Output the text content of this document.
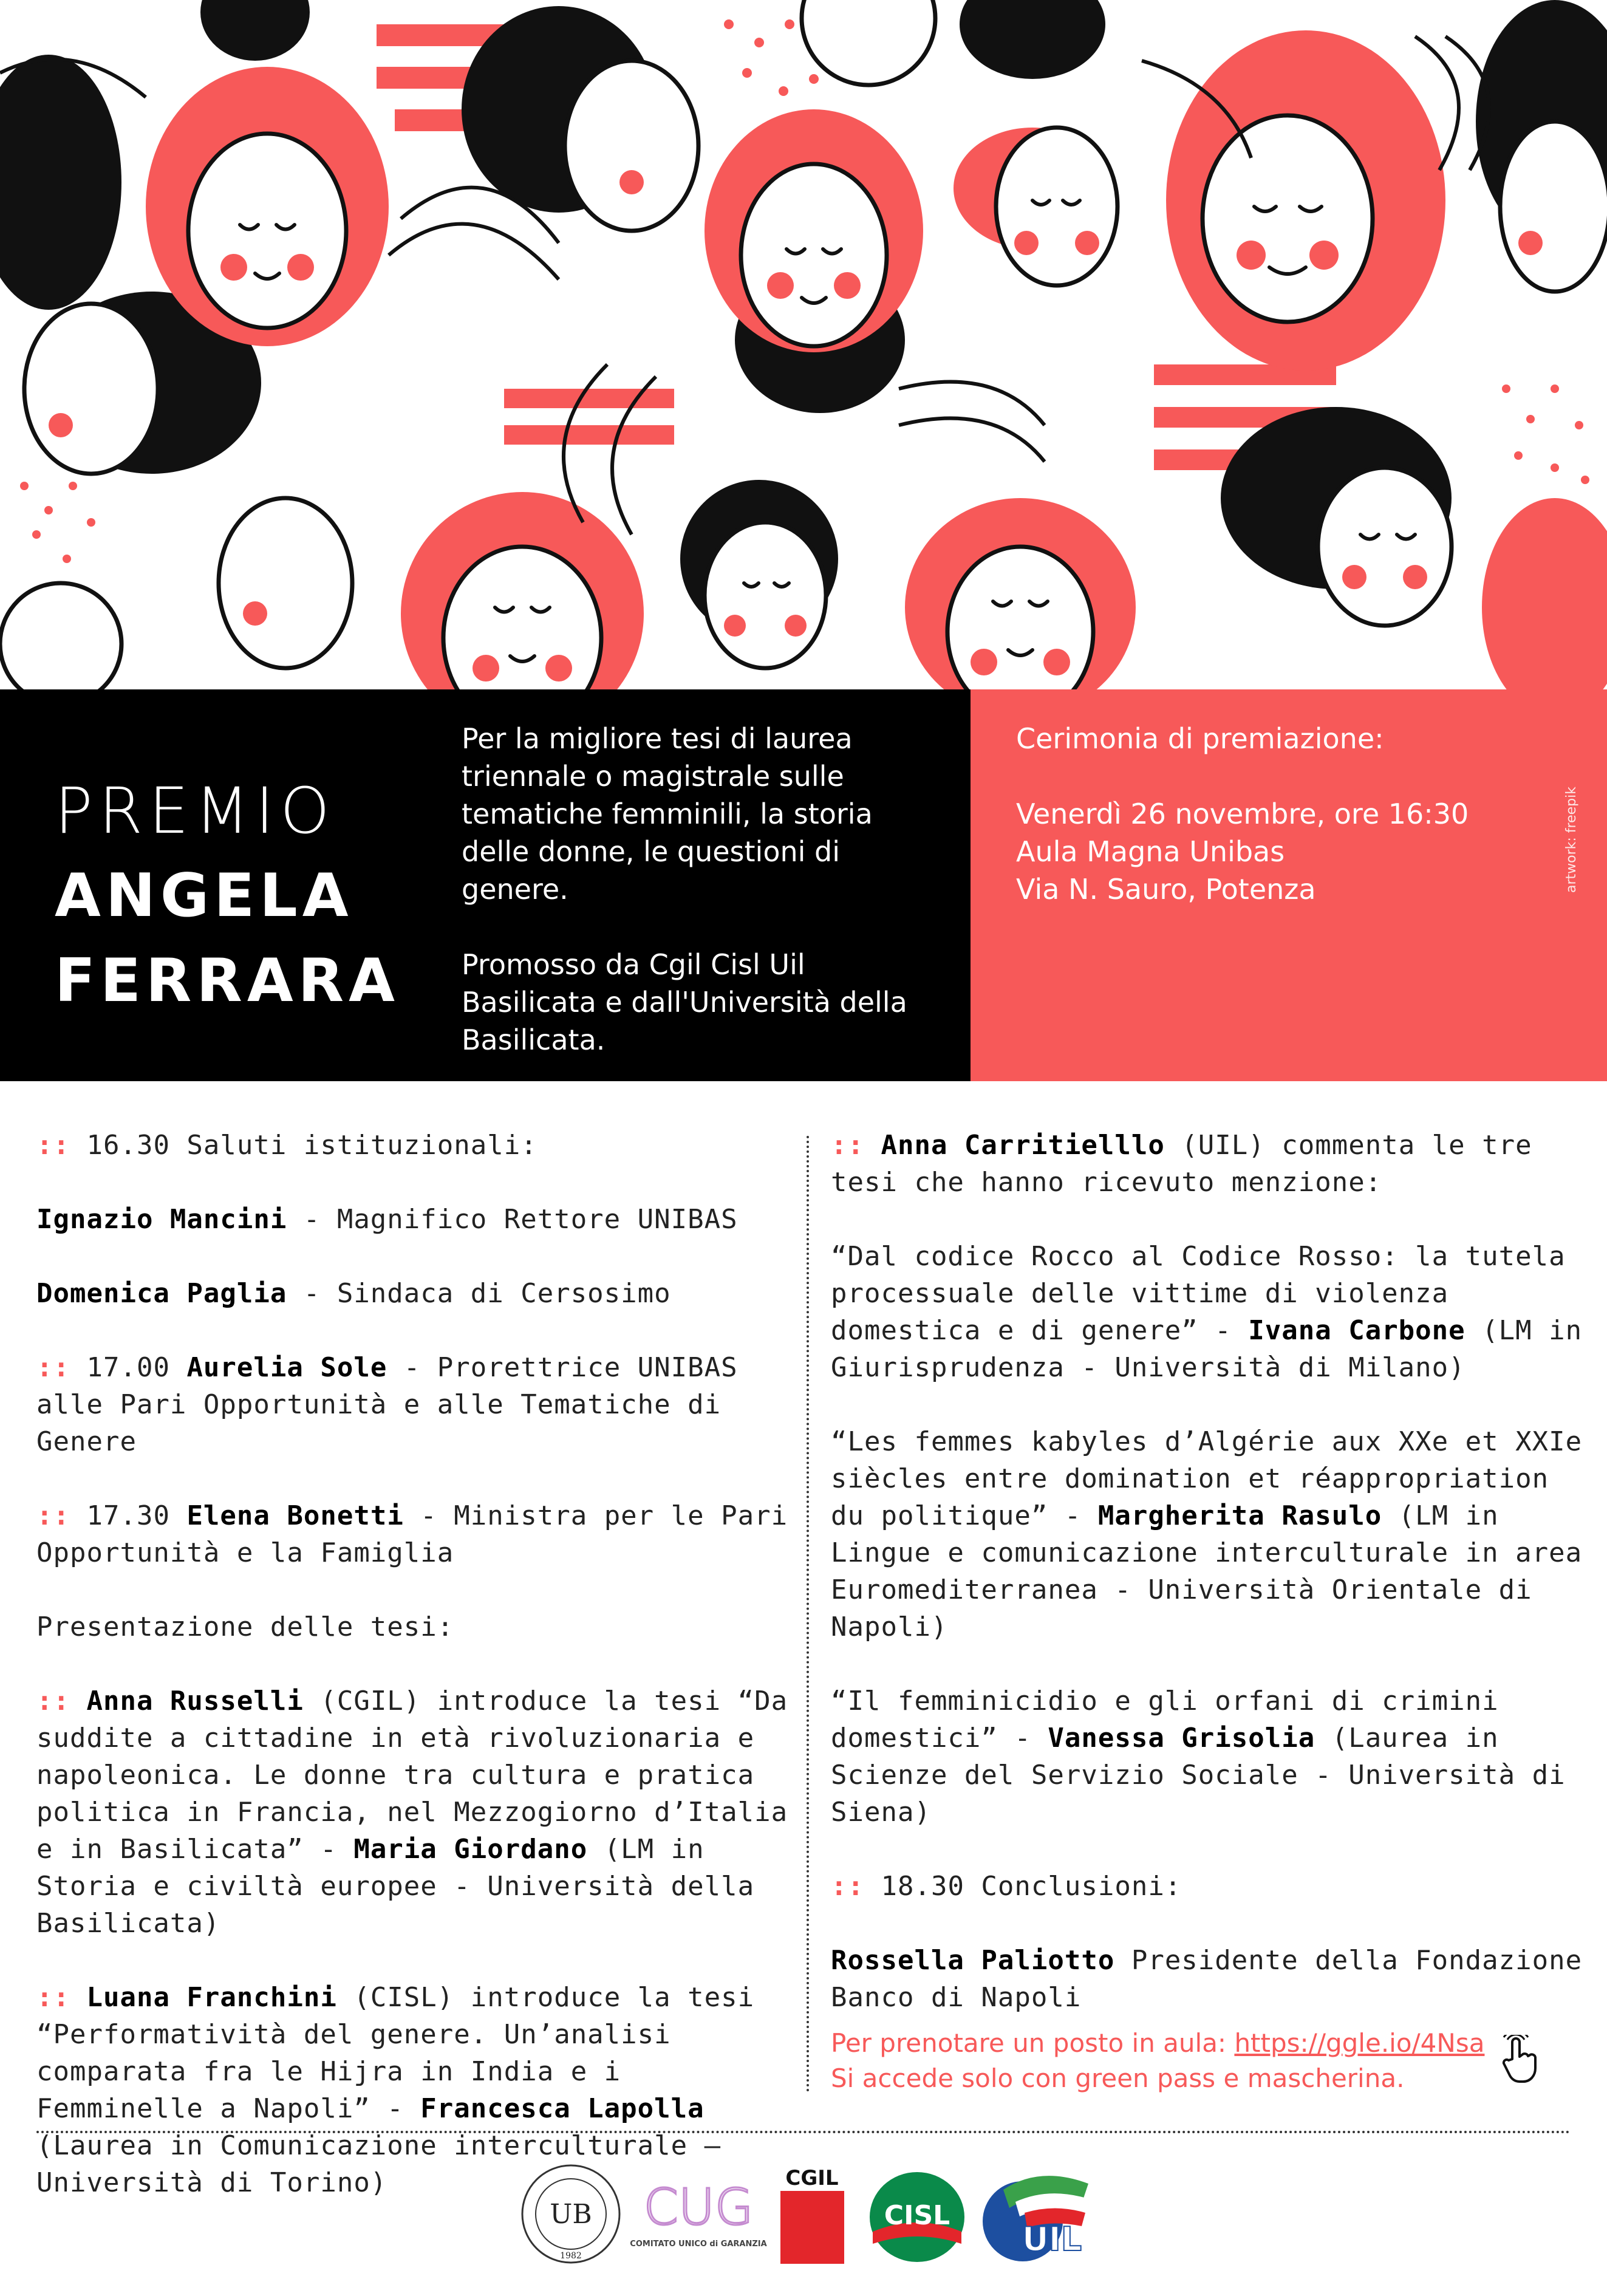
PREMIO
ANGELA
FERRARA

Per la migliore tesi di laurea triennale o magistrale sulle tematiche femminili, la storia delle donne, le questioni di genere.

Promosso da Cgil Cisl Uil Basilicata e dall'Università della Basilicata.

Cerimonia di premiazione:

Venerdì 26 novembre, ore 16:30
Aula Magna Unibas
Via N. Sauro, Potenza	artwork: freepik

:: 16.30 Saluti istituzionali:

Ignazio Mancini - Magnifico Rettore UNIBAS

Domenica Paglia - Sindaca di Cersosimo

:: 17.00 Aurelia Sole - Prorettrice UNIBAS alle Pari Opportunità e alle Tematiche di Genere

:: 17.30 Elena Bonetti - Ministra per le Pari Opportunità e la Famiglia

Presentazione delle tesi:

:: Anna Russelli (CGIL) introduce la tesi “Da suddite a cittadine in età rivoluzionaria e napoleonica. Le donne tra cultura e pratica politica in Francia, nel Mezzogiorno d’Italia e in Basilicata” - Maria Giordano (LM in Storia e civiltà europee - Università della Basilicata)

:: Luana Franchini (CISL) introduce la tesi “Performatività del genere. Un’analisi comparata fra le Hijra in India e i Femminelle a Napoli” - Francesca Lapolla (Laurea in Comunicazione interculturale – Università di Torino)

:: Anna Carritielllo (UIL) commenta le tre tesi che hanno ricevuto menzione:

“Dal codice Rocco al Codice Rosso: la tutela processuale delle vittime di violenza domestica e di genere” - Ivana Carbone (LM in Giurisprudenza - Università di Milano)

“Les femmes kabyles d’Algérie aux XXe et XXIe siècles entre domination et réappropriation du politique” - Margherita Rasulo (LM in Lingue e comunicazione interculturale in area Euromediterranea - Università Orientale di Napoli)

“Il femminicidio e gli orfani di crimini domestici” - Vanessa Grisolia (Laurea in Scienze del Servizio Sociale - Università di Siena)

:: 18.30 Conclusioni:

Rossella Paliotto Presidente della Fondazione Banco di Napoli

Per prenotare un posto in aula: https://ggle.io/4Nsa

Si accede solo con green pass e mascherina.

UB
1982
CUG
COMITATO UNICO di GARANZIA
CGIL
CISL
UIL
